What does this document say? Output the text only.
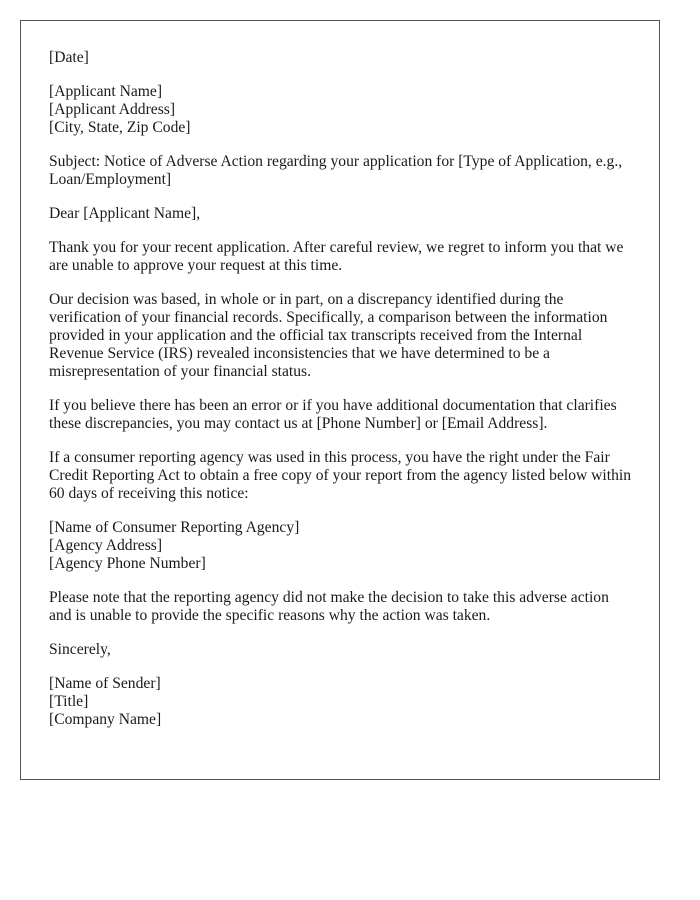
[Date]
[Applicant Name]
[Applicant Address]
[City, State, Zip Code]

Subject: Notice of Adverse Action regarding your application for [Type of Application, e.g., Loan/Employment]

Dear [Applicant Name],

Thank you for your recent application. After careful review, we regret to inform you that we are unable to approve your request at this time.

Our decision was based, in whole or in part, on a discrepancy identified during the verification of your financial records. Specifically, a comparison between the information provided in your application and the official tax transcripts received from the Internal Revenue Service (IRS) revealed inconsistencies that we have determined to be a misrepresentation of your financial status.

If you believe there has been an error or if you have additional documentation that clarifies these discrepancies, you may contact us at [Phone Number] or [Email Address].

If a consumer reporting agency was used in this process, you have the right under the Fair Credit Reporting Act to obtain a free copy of your report from the agency listed below within 60 days of receiving this notice:

[Name of Consumer Reporting Agency]
[Agency Address]
[Agency Phone Number]

Please note that the reporting agency did not make the decision to take this adverse action and is unable to provide the specific reasons why the action was taken.

Sincerely,

[Name of Sender]
[Title]
[Company Name]
